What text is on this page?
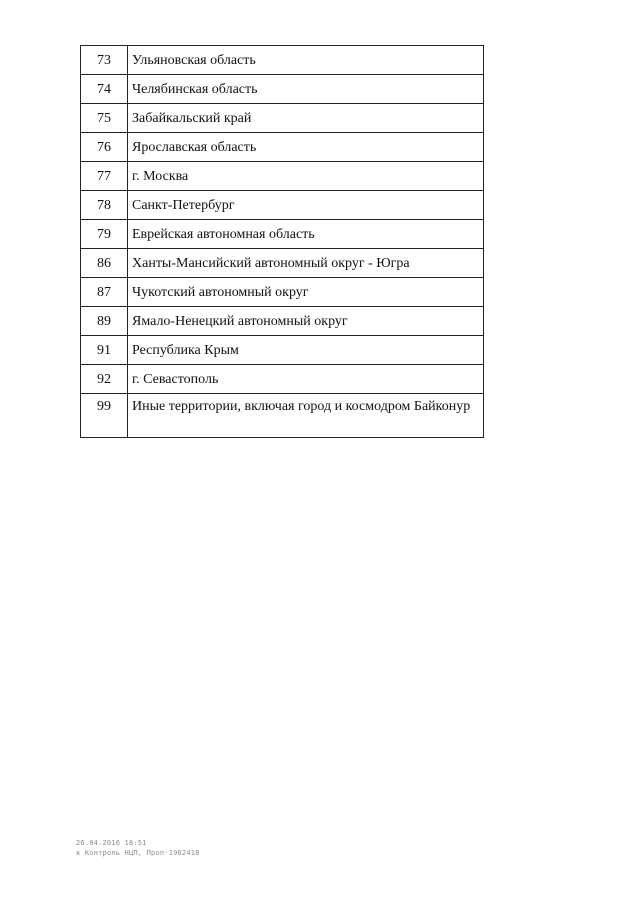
73	Ульяновская область
74	Челябинская область
75	Забайкальский край
76	Ярославская область
77	г. Москва
78	Санкт-Петербург
79	Еврейская автономная область
86	Ханты-Мансийский автономный округ - Югра
87	Чукотский автономный округ
89	Ямало-Ненецкий автономный округ
91	Республика Крым
92	г. Севастополь
99	Иные территории, включая город и космодром Байконур
26.04.2016 18:51
к Контроль НЦП, Проп-1962418
